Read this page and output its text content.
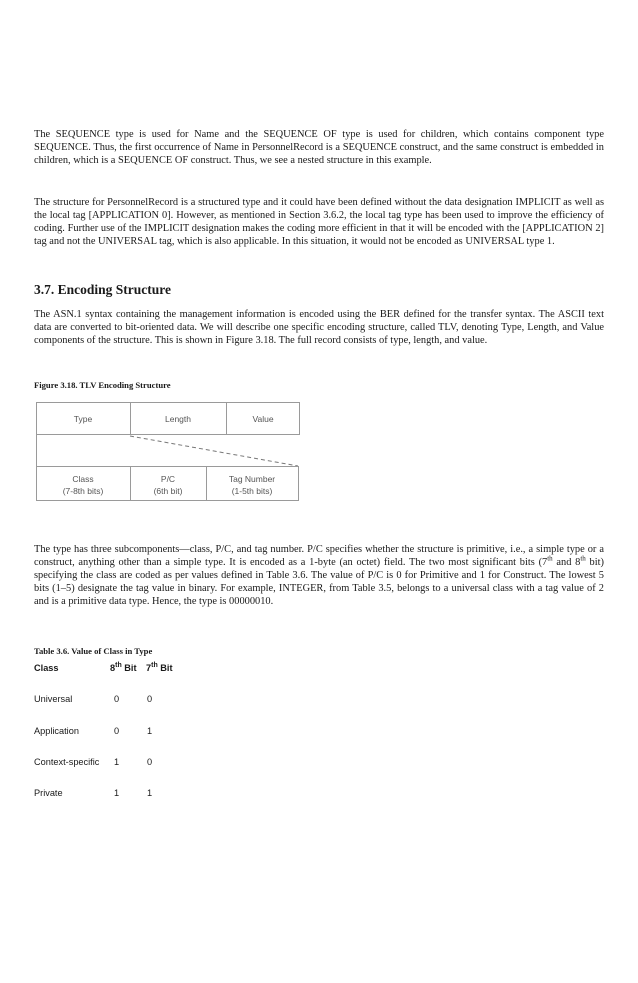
The SEQUENCE type is used for Name and the SEQUENCE OF type is used for children, which contains component type SEQUENCE. Thus, the first occurrence of Name in PersonnelRecord is a SEQUENCE construct, and the same construct is embedded in children, which is a SEQUENCE OF construct. Thus, we see a nested structure in this example.

The structure for PersonnelRecord is a structured type and it could have been defined without the data designation IMPLICIT as well as the local tag [APPLICATION 0]. However, as mentioned in Section 3.6.2, the local tag type has been used to improve the efficiency of coding. Further use of the IMPLICIT designation makes the coding more efficient in that it will be encoded with the [APPLICATION 2] tag and not the UNIVERSAL tag, which is also applicable. In this situation, it would not be encoded as UNIVERSAL type 1.

3.7. Encoding Structure

The ASN.1 syntax containing the management information is encoded using the BER defined for the transfer syntax. The ASCII text data are converted to bit-oriented data. We will describe one specific encoding structure, called TLV, denoting Type, Length, and Value components of the structure. This is shown in Figure 3.18. The full record consists of type, length, and value.

Figure 3.18. TLV Encoding Structure

Type	Length	Value
Class
(7-8th bits)
P/C
(6th bit)
Tag Number
(1-5th bits)

The type has three subcomponents—class, P/C, and tag number. P/C specifies whether the structure is primitive, i.e., a simple type or a construct, anything other than a simple type. It is encoded as a 1-byte (an octet) field. The two most significant bits (7th and 8th bit) specifying the class are coded as per values defined in Table 3.6. The value of P/C is 0 for Primitive and 1 for Construct. The lowest 5 bits (1–5) designate the tag value in binary. For example, INTEGER, from Table 3.5, belongs to a universal class with a tag value of 2 and is a primitive data type. Hence, the type is 00000010.

Table 3.6. Value of Class in Type

Class	8th Bit 7th Bit
Universal	0	0
Application	0	1
Context-specific 1	0
Private	1	1
